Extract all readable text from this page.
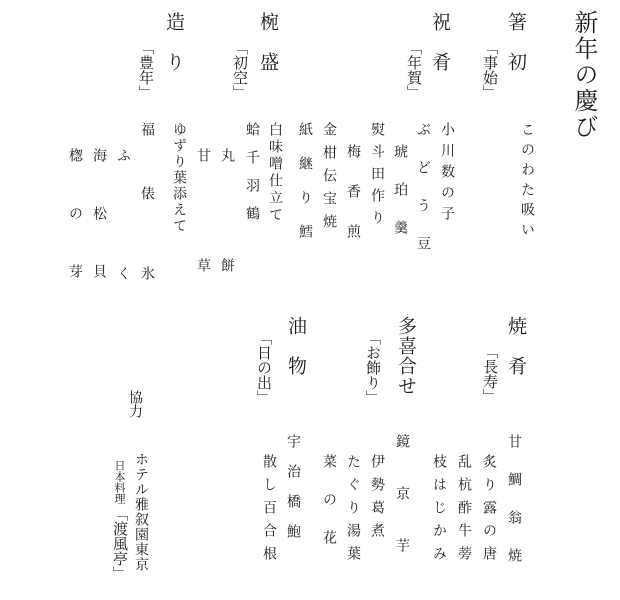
新年の慶び
箸　初
「事始」
このわた吸い
祝　肴
「年賀」
小川数の子
ぶどう豆
琥珀羹
熨斗田作り
梅香煎
金柑伝宝焼
紙継り鱈
椀　盛
「初空」
白味噌仕立て
蛤千羽鶴
丸餅
甘草
造　り
「豊年」
ゆずり葉添えて
福俵
氷
ふく
海松貝
楤の芽
焼　肴
「長寿」
甘鯛翁焼
炙り露の唐
乱杭酢牛蒡
枝はじかみ
多喜合せ
「お飾り」
鏡京芋
伊勢葛煮
たぐり湯葉
菜の花
油　物
「日の出」
宇治橋鮑
散し百合根
協力
ホテル雅叙園東京
日本料理
「渡風亭」
